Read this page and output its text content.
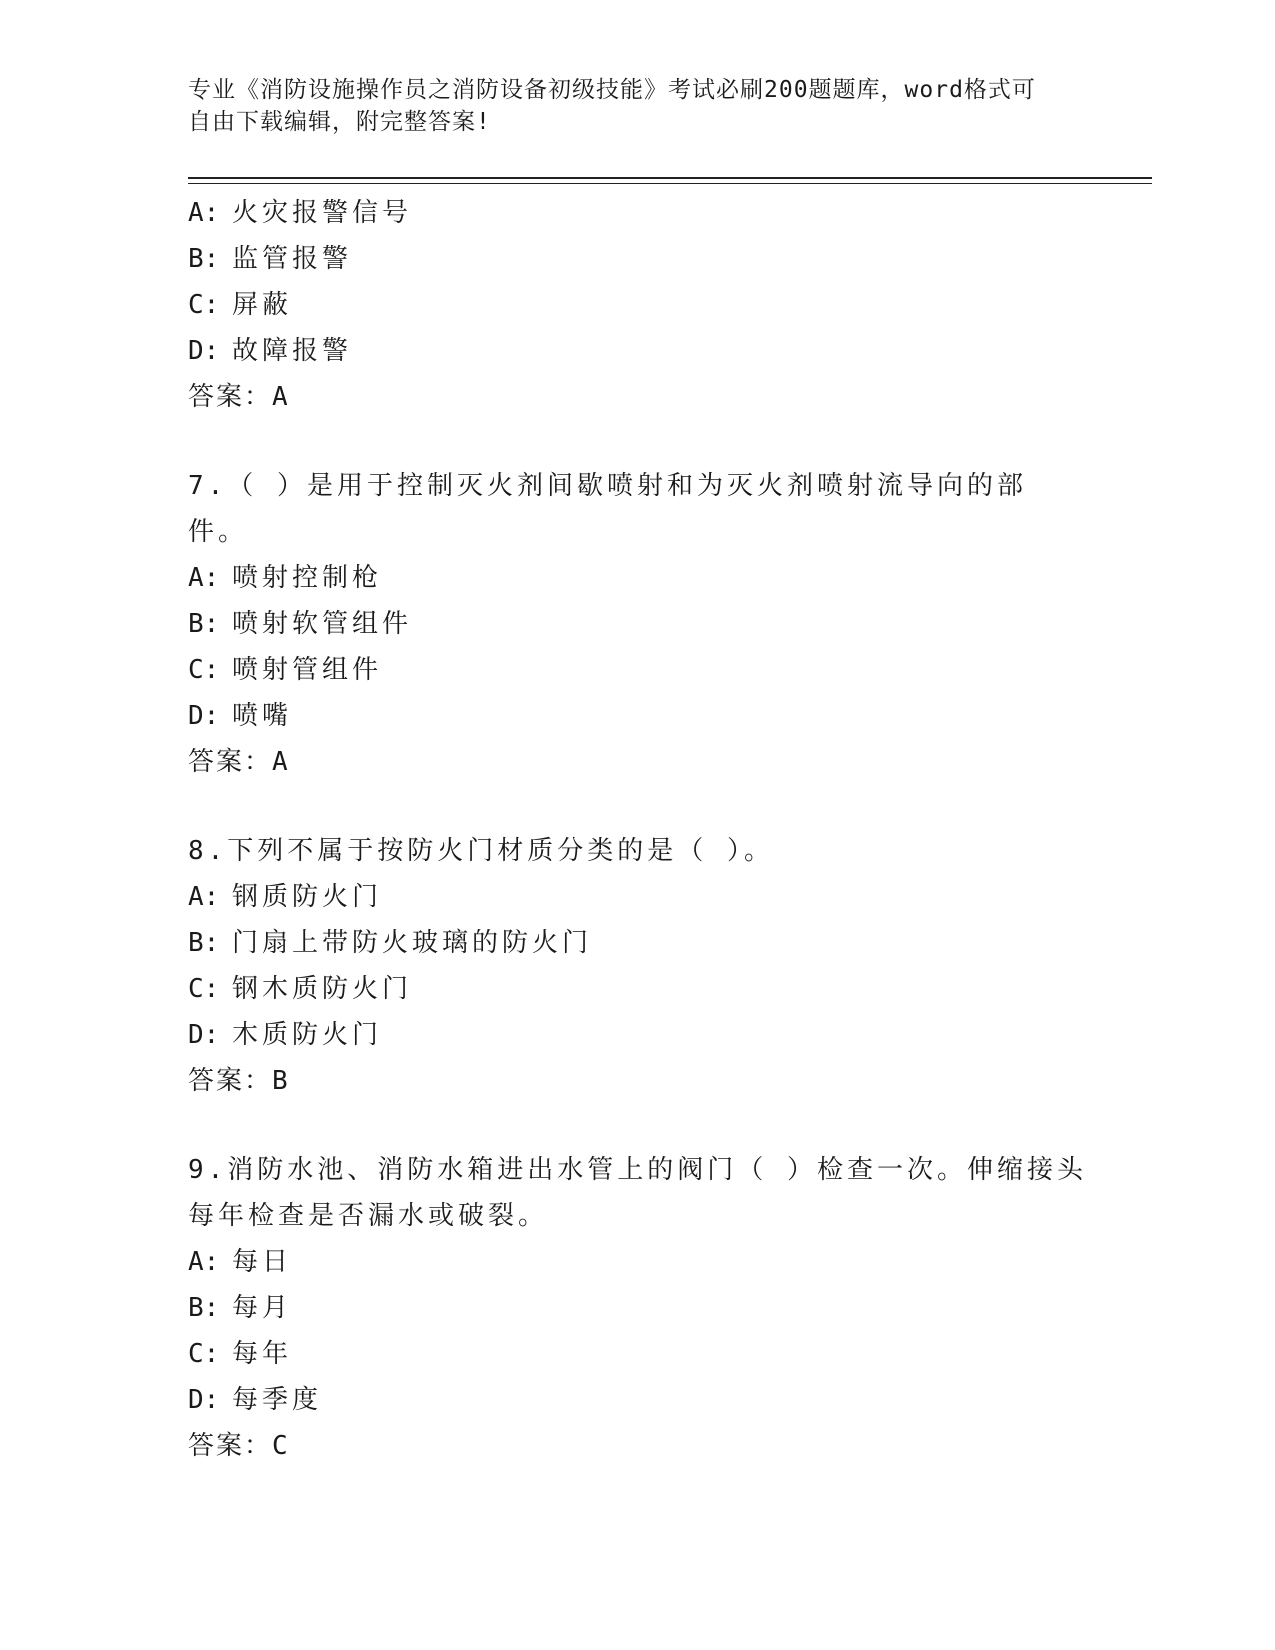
专业《消防设施操作员之消防设备初级技能》考试必刷200题题库，word格式可
自由下载编辑，附完整答案!
A: 火灾报警信号
B: 监管报警
C: 屏蔽
D: 故障报警
答案：A
7.（ ）是用于控制灭火剂间歇喷射和为灭火剂喷射流导向的部件。
A: 喷射控制枪
B: 喷射软管组件
C: 喷射管组件
D: 喷嘴
答案：A
8.下列不属于按防火门材质分类的是（ ）。
A: 钢质防火门
B: 门扇上带防火玻璃的防火门
C: 钢木质防火门
D: 木质防火门
答案：B
9.消防水池、消防水箱进出水管上的阀门（ ）检查一次。伸缩接头
每年检查是否漏水或破裂。
A: 每日
B: 每月
C: 每年
D: 每季度
答案：C
